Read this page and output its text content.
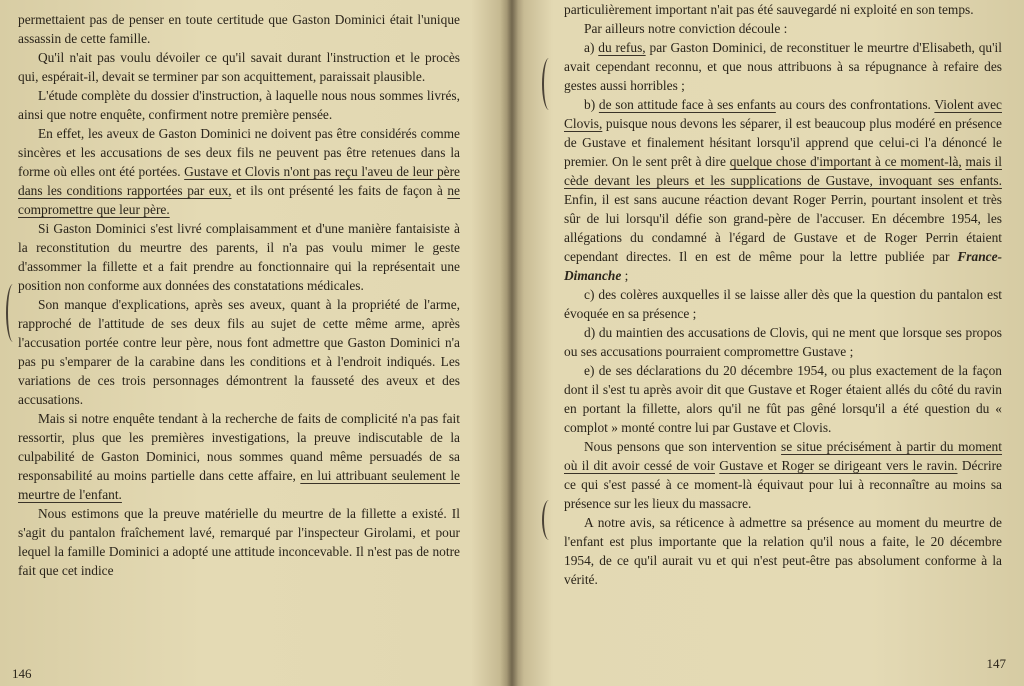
permettaient pas de penser en toute certitude que Gaston Dominici était l'unique assassin de cette famille.

Qu'il n'ait pas voulu dévoiler ce qu'il savait durant l'instruction et le procès qui, espérait-il, devait se terminer par son acquittement, paraissait plausible.

L'étude complète du dossier d'instruction, à laquelle nous nous sommes livrés, ainsi que notre enquête, confirment notre première pensée.

En effet, les aveux de Gaston Dominici ne doivent pas être considérés comme sincères et les accusations de ses deux fils ne peuvent pas être retenues dans la forme où elles ont été portées. Gustave et Clovis n'ont pas reçu l'aveu de leur père dans les conditions rapportées par eux, et ils ont présenté les faits de façon à ne compromettre que leur père.

Si Gaston Dominici s'est livré complaisamment et d'une manière fantaisiste à la reconstitution du meurtre des parents, il n'a pas voulu mimer le geste d'assommer la fillette et a fait prendre au fonctionnaire qui la représentait une position non conforme aux données des constatations médicales.

Son manque d'explications, après ses aveux, quant à la propriété de l'arme, rapproché de l'attitude de ses deux fils au sujet de cette même arme, après l'accusation portée contre leur père, nous font admettre que Gaston Dominici n'a pas pu s'emparer de la carabine dans les conditions et à l'endroit indiqués. Les variations de ces trois personnages démontrent la fausseté des aveux et des accusations.

Mais si notre enquête tendant à la recherche de faits de complicité n'a pas fait ressortir, plus que les premières investigations, la preuve indiscutable de la culpabilité de Gaston Dominici, nous sommes quand même persuadés de sa responsabilité au moins partielle dans cette affaire, en lui attribuant seulement le meurtre de l'enfant.

Nous estimons que la preuve matérielle du meurtre de la fillette a existé. Il s'agit du pantalon fraîchement lavé, remarqué par l'inspecteur Girolami, et pour lequel la famille Dominici a adopté une attitude inconcevable. Il n'est pas de notre fait que cet indice

146

particulièrement important n'ait pas été sauvegardé ni exploité en son temps.

Par ailleurs notre conviction découle :

a) du refus, par Gaston Dominici, de reconstituer le meurtre d'Elisabeth, qu'il avait cependant reconnu, et que nous attribuons à sa répugnance à refaire des gestes aussi horribles ;

b) de son attitude face à ses enfants au cours des confrontations. Violent avec Clovis, puisque nous devons les séparer, il est beaucoup plus modéré en présence de Gustave et finalement hésitant lorsqu'il apprend que celui-ci l'a dénoncé le premier. On le sent prêt à dire quelque chose d'important à ce moment-là, mais il cède devant les pleurs et les supplications de Gustave, invoquant ses enfants. Enfin, il est sans aucune réaction devant Roger Perrin, pourtant insolent et très sûr de lui lorsqu'il défie son grand-père de l'accuser. En décembre 1954, les allégations du condamné à l'égard de Gustave et de Roger Perrin étaient cependant directes. Il en est de même pour la lettre publiée par France-Dimanche ;

c) des colères auxquelles il se laisse aller dès que la question du pantalon est évoquée en sa présence ;

d) du maintien des accusations de Clovis, qui ne ment que lorsque ses propos ou ses accusations pourraient compromettre Gustave ;

e) de ses déclarations du 20 décembre 1954, ou plus exactement de la façon dont il s'est tu après avoir dit que Gustave et Roger étaient allés du côté du ravin en portant la fillette, alors qu'il ne fût pas gêné lorsqu'il a été question du « complot » monté contre lui par Gustave et Clovis.

Nous pensons que son intervention se situe précisément à partir du moment où il dit avoir cessé de voir Gustave et Roger se dirigeant vers le ravin. Décrire ce qui s'est passé à ce moment-là équivaut pour lui à reconnaître au moins sa présence sur les lieux du massacre.

A notre avis, sa réticence à admettre sa présence au moment du meurtre de l'enfant est plus importante que la relation qu'il nous a faite, le 20 décembre 1954, de ce qu'il aurait vu et qui n'est peut-être pas absolument conforme à la vérité.

147
